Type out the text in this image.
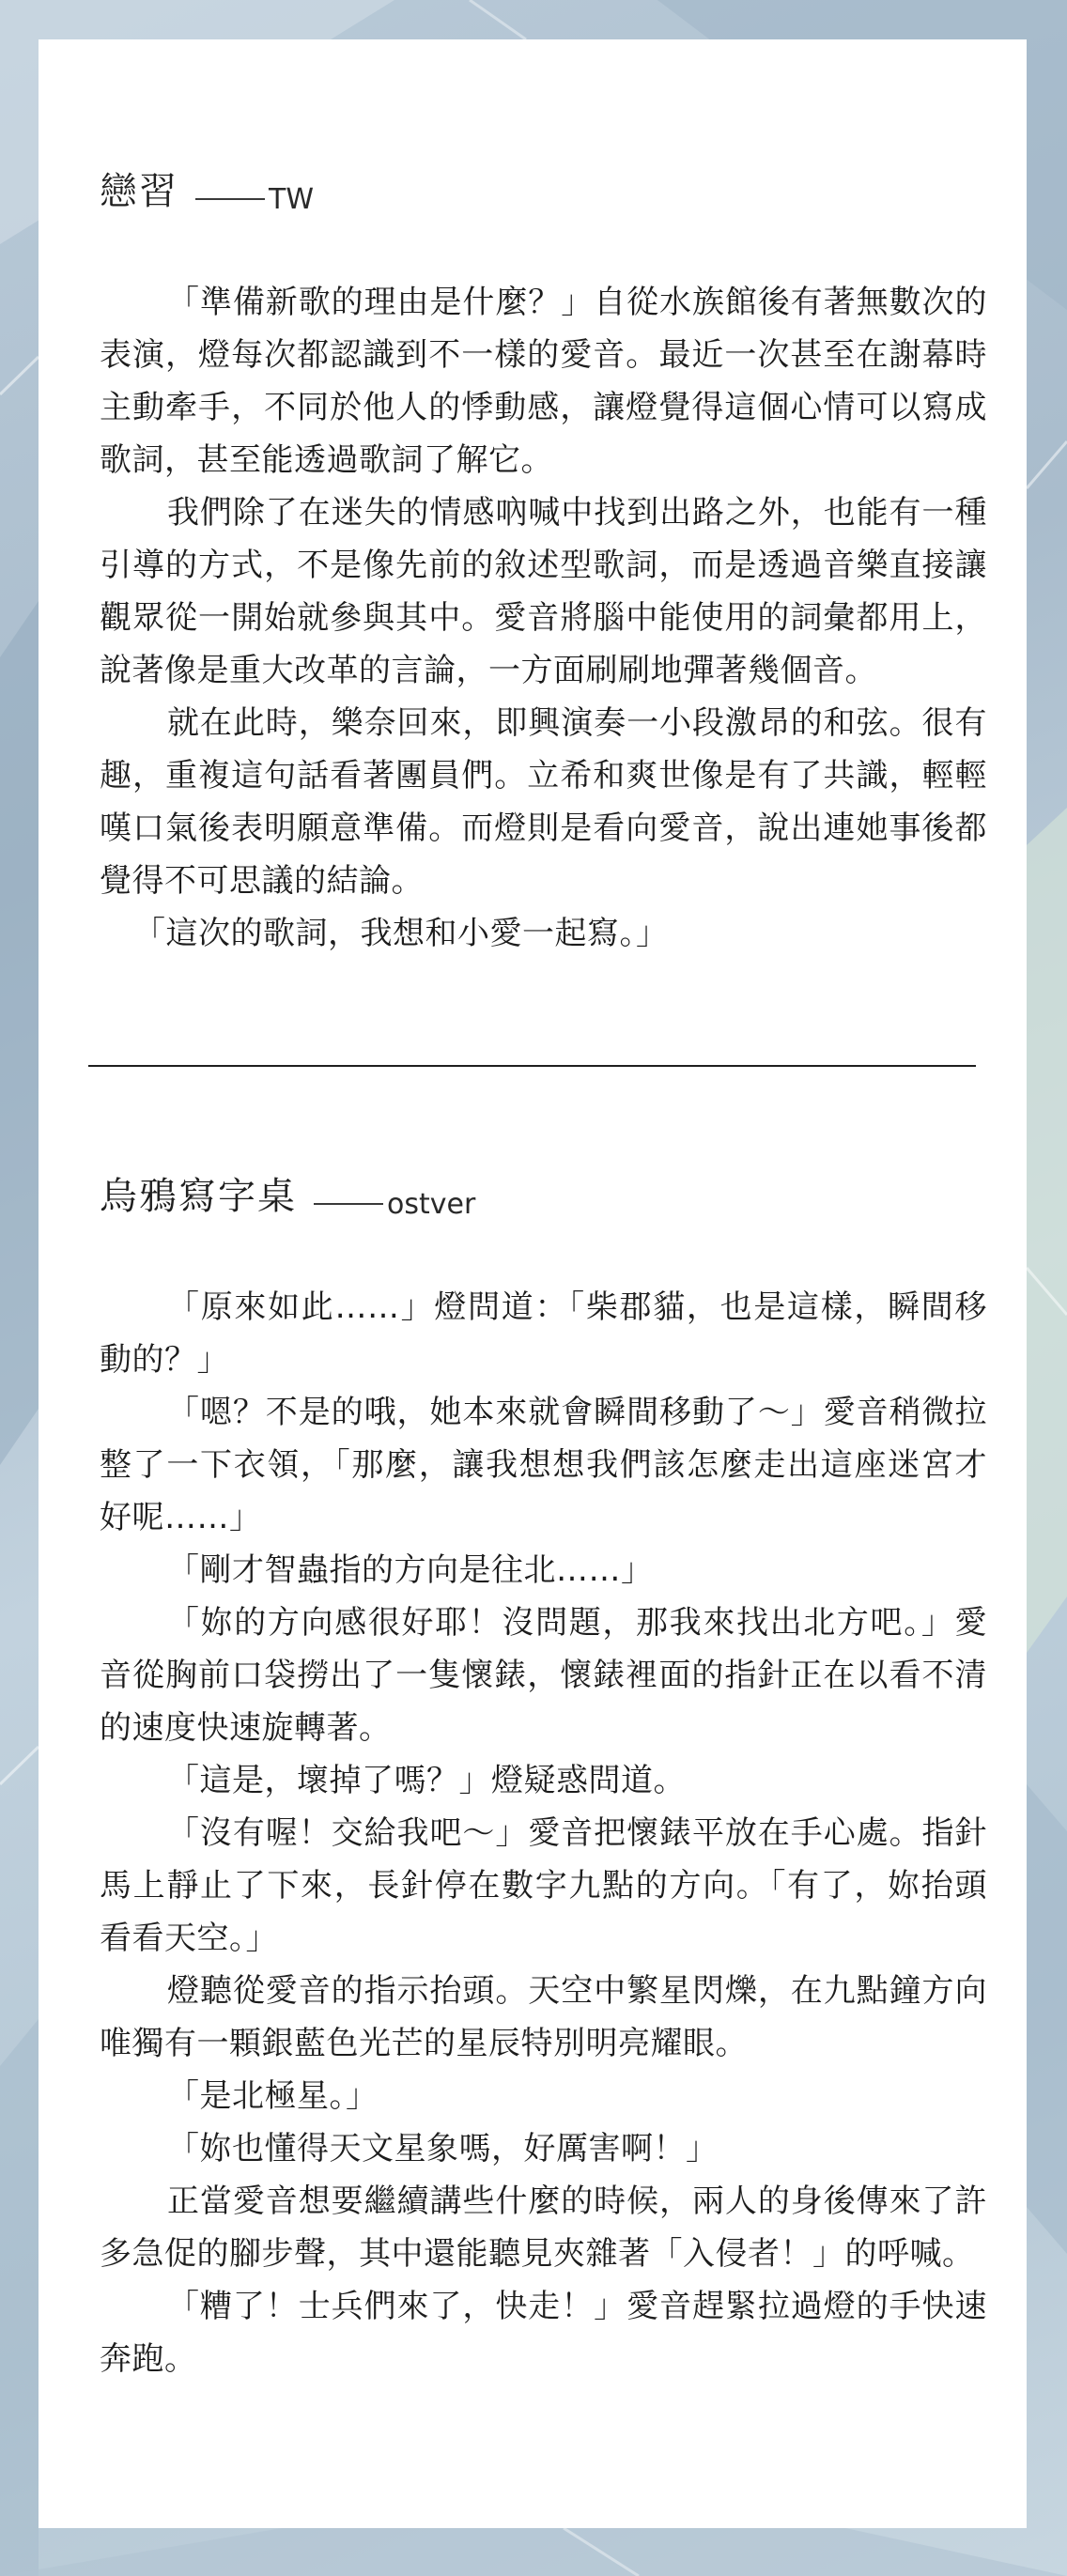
戀習	TW

「準備新歌的理由是什麼？」自從水族館後有著無數次的表演，燈每次都認識到不一樣的愛音。最近一次甚至在謝幕時主動牽手，不同於他人的悸動感，讓燈覺得這個心情可以寫成歌詞，甚至能透過歌詞了解它。

我們除了在迷失的情感吶喊中找到出路之外，也能有一種引導的方式，不是像先前的敘述型歌詞，而是透過音樂直接讓觀眾從一開始就參與其中。愛音將腦中能使用的詞彙都用上，說著像是重大改革的言論，一方面刷刷地彈著幾個音。

就在此時，樂奈回來，即興演奏一小段激昂的和弦。很有趣，重複這句話看著團員們。立希和爽世像是有了共識，輕輕嘆口氣後表明願意準備。而燈則是看向愛音，說出連她事後都覺得不可思議的結論。

「這次的歌詞，我想和小愛一起寫。」

烏鴉寫字桌	ostver

「原來如此……」燈問道：「柴郡貓，也是這樣，瞬間移動的？」

「嗯？不是的哦，她本來就會瞬間移動了～」愛音稍微拉整了一下衣領，「那麼，讓我想想我們該怎麼走出這座迷宮才好呢……」

「剛才智蟲指的方向是往北……」

「妳的方向感很好耶！沒問題，那我來找出北方吧。」愛音從胸前口袋撈出了一隻懷錶，懷錶裡面的指針正在以看不清的速度快速旋轉著。

「這是，壞掉了嗎？」燈疑惑問道。

「沒有喔！交給我吧～」愛音把懷錶平放在手心處。指針馬上靜止了下來，長針停在數字九點的方向。「有了，妳抬頭看看天空。」

燈聽從愛音的指示抬頭。天空中繁星閃爍，在九點鐘方向唯獨有一顆銀藍色光芒的星辰特別明亮耀眼。

「是北極星。」

「妳也懂得天文星象嗎，好厲害啊！」

正當愛音想要繼續講些什麼的時候，兩人的身後傳來了許多急促的腳步聲，其中還能聽見夾雜著「入侵者！」的呼喊。

「糟了！士兵們來了，快走！」愛音趕緊拉過燈的手快速奔跑。
